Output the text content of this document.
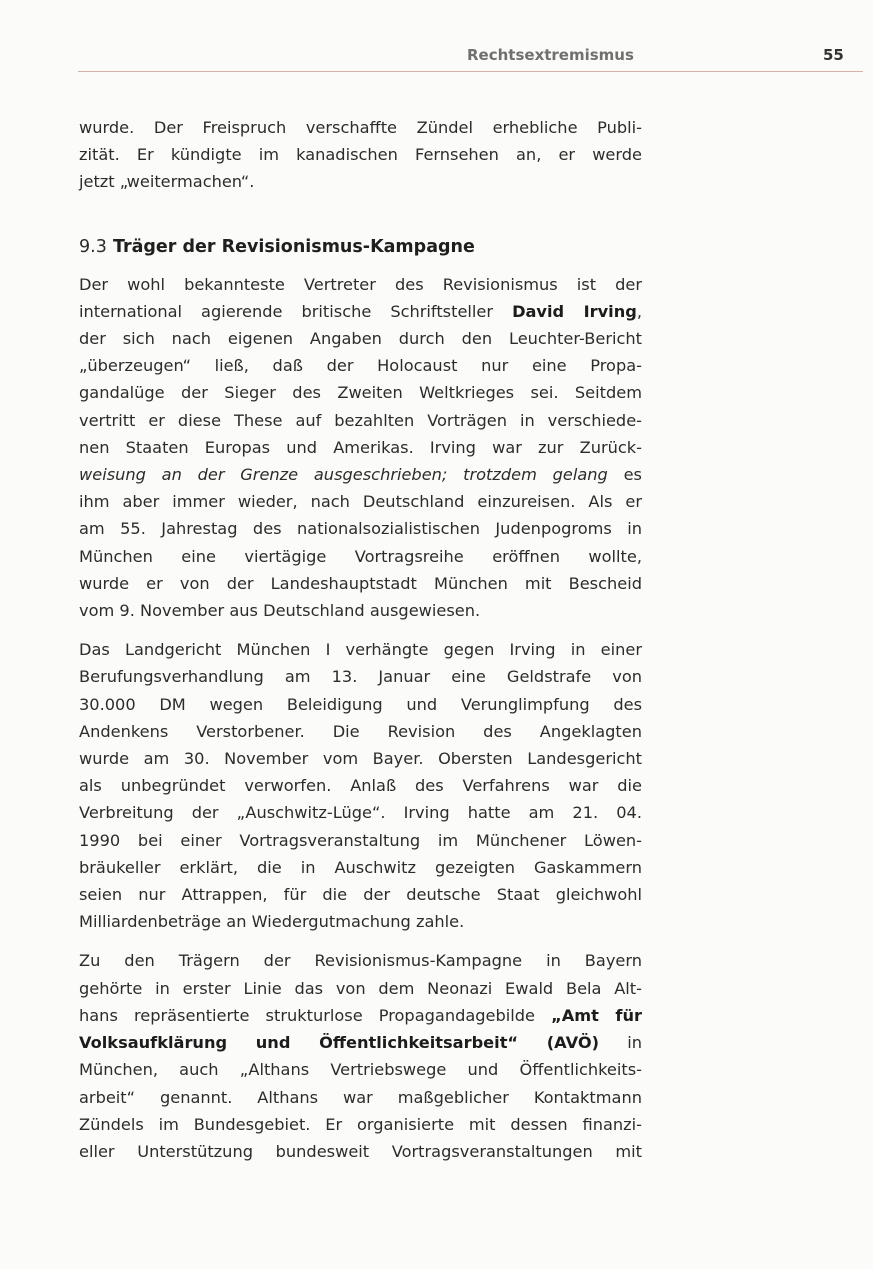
Rechtsextremismus	55

wurde. Der Freispruch verschaffte Zündel erhebliche Publi-
zität. Er kündigte im kanadischen Fernsehen an, er werde
jetzt „weitermachen“.

9.3 Träger der Revisionismus-Kampagne

Der wohl bekannteste Vertreter des Revisionismus ist der
international agierende britische Schriftsteller David Irving,
der sich nach eigenen Angaben durch den Leuchter-Bericht
„überzeugen“ ließ, daß der Holocaust nur eine Propa-
gandalüge der Sieger des Zweiten Weltkrieges sei. Seitdem
vertritt er diese These auf bezahlten Vorträgen in verschiede-
nen Staaten Europas und Amerikas. Irving war zur Zurück-
weisung an der Grenze ausgeschrieben; trotzdem gelang es
ihm aber immer wieder, nach Deutschland einzureisen. Als er
am 55. Jahrestag des nationalsozialistischen Judenpogroms in
München eine viertägige Vortragsreihe eröffnen wollte,
wurde er von der Landeshauptstadt München mit Bescheid
vom 9. November aus Deutschland ausgewiesen.

Das Landgericht München I verhängte gegen Irving in einer
Berufungsverhandlung am 13. Januar eine Geldstrafe von
30.000 DM wegen Beleidigung und Verunglimpfung des
Andenkens Verstorbener. Die Revision des Angeklagten
wurde am 30. November vom Bayer. Obersten Landesgericht
als unbegründet verworfen. Anlaß des Verfahrens war die
Verbreitung der „Auschwitz-Lüge“. Irving hatte am 21. 04.
1990 bei einer Vortragsveranstaltung im Münchener Löwen-
bräukeller erklärt, die in Auschwitz gezeigten Gaskammern
seien nur Attrappen, für die der deutsche Staat gleichwohl
Milliardenbeträge an Wiedergutmachung zahle.

Zu den Trägern der Revisionismus-Kampagne in Bayern
gehörte in erster Linie das von dem Neonazi Ewald Bela Alt-
hans repräsentierte strukturlose Propagandagebilde „Amt für
Volksaufklärung und Öffentlichkeitsarbeit“ (AVÖ) in
München, auch „Althans Vertriebswege und Öffentlichkeits-
arbeit“ genannt. Althans war maßgeblicher Kontaktmann
Zündels im Bundesgebiet. Er organisierte mit dessen finanzi-
eller Unterstützung bundesweit Vortragsveranstaltungen mit
